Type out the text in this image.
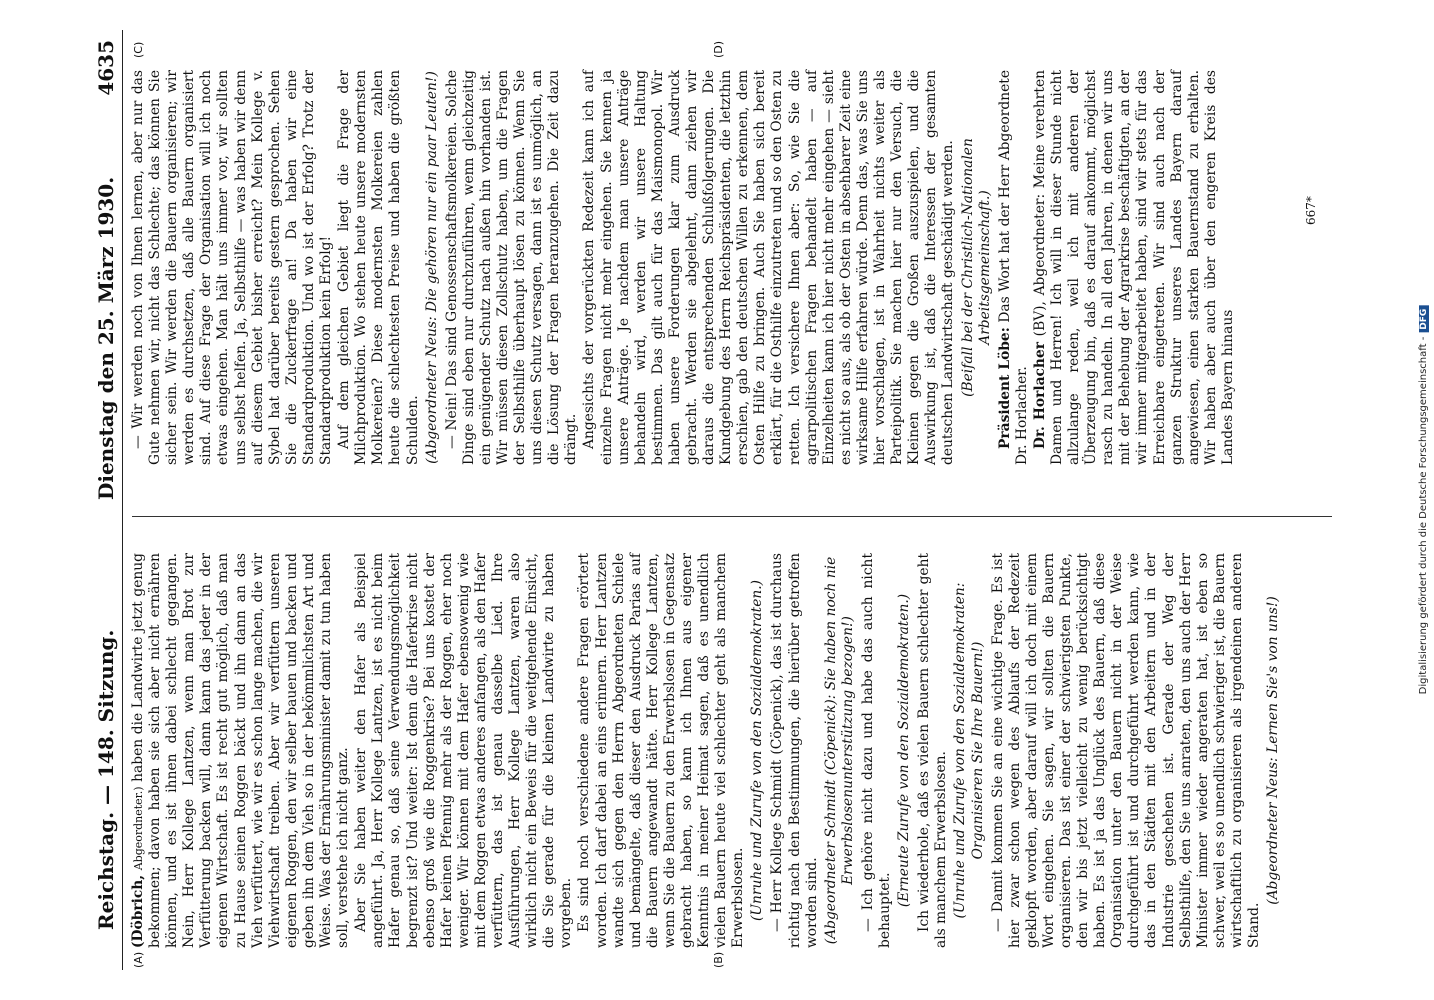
Reichstag. — 148. Sitzung.
Dienstag den 25. März 1930.
4635
(A)	(B)
(C)	(D)

(Döbrich, Abgeordneter.) haben die Landwirte jetzt genug bekommen; davon haben sie sich aber nicht ernähren können, und es ist ihnen dabei schlecht gegangen. Nein, Herr Kollege Lantzen, wenn man Brot zur Verfütterung backen will, dann kann das jeder in der eigenen Wirtschaft. Es ist recht gut möglich, daß man zu Hause seinen Roggen bäckt und ihn dann an das Vieh verfüttert, wie wir es schon lange machen, die wir Viehwirtschaft treiben. Aber wir verfüttern unseren eigenen Roggen, den wir selber bauen und backen und geben ihn dem Vieh so in der bekömmlichsten Art und Weise. Was der Ernährungsminister damit zu tun haben soll, verstehe ich nicht ganz. Aber Sie haben weiter den Hafer als Beispiel angeführt. Ja, Herr Kollege Lantzen, ist es nicht beim Hafer genau so, daß seine Verwendungsmöglichkeit begrenzt ist? Und weiter: Ist denn die Haferkrise nicht ebenso groß wie die Roggenkrise? Bei uns kostet der Hafer keinen Pfennig mehr als der Roggen, eher noch weniger. Wir können mit dem Hafer ebensowenig wie mit dem Roggen etwas anderes anfangen, als den Hafer verfüttern, das ist genau dasselbe Lied. Ihre Ausführungen, Herr Kollege Lantzen, waren also wirklich nicht ein Beweis für die weitgehende Einsicht, die Sie gerade für die kleinen Landwirte zu haben vorgeben. Es sind noch verschiedene andere Fragen erörtert worden. Ich darf dabei an eins erinnern. Herr Lantzen wandte sich gegen den Herrn Abgeordneten Schiele und bemängelte, daß dieser den Ausdruck Parias auf die Bauern angewandt hätte. Herr Kollege Lantzen, wenn Sie die Bauern zu den Erwerbslosen in Gegensatz gebracht haben, so kann ich Ihnen aus eigener Kenntnis in meiner Heimat sagen, daß es unendlich vielen Bauern heute viel schlechter geht als manchem Erwerbslosen. (Unruhe und Zurufe von den Sozialdemokraten.) — Herr Kollege Schmidt (Cöpenick), das ist durchaus richtig nach den Bestimmungen, die hierüber getroffen worden sind. (Abgeordneter Schmidt (Cöpenick): Sie haben noch nie Erwerbslosenunterstützung bezogen!) — Ich gehöre nicht dazu und habe das auch nicht behauptet.

(Erneute Zurufe von den Sozialdemokraten.) Ich wiederhole, daß es vielen Bauern schlechter geht als manchem Erwerbslosen. (Unruhe und Zurufe von den Sozialdemokraten: Organisieren Sie Ihre Bauern!) — Damit kommen Sie an eine wichtige Frage. Es ist hier zwar schon wegen des Ablaufs der Redezeit geklopft worden, aber darauf will ich doch mit einem Wort eingehen. Sie sagen, wir sollten die Bauern organisieren. Das ist einer der schwierigsten Punkte, den wir bis jetzt vielleicht zu wenig berücksichtigt haben. Es ist ja das Unglück des Bauern, daß diese Organisation unter den Bauern nicht in der Weise durchgeführt ist und durchgeführt werden kann, wie das in den Städten mit den Arbeitern und in der Industrie geschehen ist. Gerade der Weg der Selbsthilfe, den Sie uns anraten, den uns auch der Herr Minister immer wieder angeraten hat, ist eben so schwer, weil es so unendlich schwieriger ist, die Bauern wirtschaftlich zu organisieren als irgendeinen anderen Stand.

(Abgeordneter Neus: Lernen Sie's von uns!)

— Wir werden noch von Ihnen lernen, aber nur das Gute nehmen wir, nicht das Schlechte; das können Sie sicher sein. Wir werden die Bauern organisieren; wir werden es durchsetzen, daß alle Bauern organisiert sind. Auf diese Frage der Organisation will ich noch etwas eingehen. Man hält uns immer vor, wir sollten uns selbst helfen. Ja, Selbsthilfe — was haben wir denn auf diesem Gebiet bisher erreicht? Mein Kollege v. Sybel hat darüber bereits gestern gesprochen. Sehen Sie die Zuckerfrage an! Da haben wir eine Standardproduktion. Und wo ist der Erfolg? Trotz der Standardproduktion kein Erfolg! Auf dem gleichen Gebiet liegt die Frage der Milchproduktion. Wo stehen heute unsere modernsten Molkereien? Diese modernsten Molkereien zahlen heute die schlechtesten Preise und haben die größten Schulden. (Abgeordneter Neus: Die gehören nur ein paar Leuten!) — Nein! Das sind Genossenschaftsmolkereien. Solche Dinge sind eben nur durchzuführen, wenn gleichzeitig ein genügender Schutz nach außen hin vorhanden ist. Wir müssen diesen Zollschutz haben, um die Fragen der Selbsthilfe überhaupt lösen zu können. Wenn Sie uns diesen Schutz versagen, dann ist es unmöglich, an die Lösung der Fragen heranzugehen. Die Zeit dazu drängt. Angesichts der vorgerückten Redezeit kann ich auf einzelne Fragen nicht mehr eingehen. Sie kennen ja unsere Anträge. Je nachdem man unsere Anträge behandeln wird, werden wir unsere Haltung bestimmen. Das gilt auch für das Maismonopol. Wir haben unsere Forderungen klar zum Ausdruck gebracht. Werden sie abgelehnt, dann ziehen wir daraus die entsprechenden Schlußfolgerungen. Die Kundgebung des Herrn Reichspräsidenten, die letzthin erschien, gab den deutschen Willen zu erkennen, dem Osten Hilfe zu bringen. Auch Sie haben sich bereit erklärt, für die Osthilfe einzutreten und so den Osten zu retten. Ich versichere Ihnen aber: So, wie Sie die agrarpolitischen Fragen behandelt haben — auf Einzelheiten kann ich hier nicht mehr eingehen — sieht es nicht so aus, als ob der Osten in absehbarer Zeit eine wirksame Hilfe erfahren würde. Denn das, was Sie uns hier vorschlagen, ist in Wahrheit nichts weiter als Parteipolitik. Sie machen hier nur den Versuch, die Kleinen gegen die Großen auszuspielen, und die Auswirkung ist, daß die Interessen der gesamten deutschen Landwirtschaft geschädigt werden. (Beifall bei der Christlich-Nationalen Arbeitsgemeinschaft.)

Präsident Löbe: Das Wort hat der Herr Abgeordnete Dr. Horlacher. Dr. Horlacher (BV), Abgeordneter: Meine verehrten Damen und Herren! Ich will in dieser Stunde nicht allzulange reden, weil ich mit anderen der Überzeugung bin, daß es darauf ankommt, möglichst rasch zu handeln. In all den Jahren, in denen wir uns mit der Behebung der Agrarkrise beschäftigten, an der wir immer mitgearbeitet haben, sind wir stets für das Erreichbare eingetreten. Wir sind auch nach der ganzen Struktur unseres Landes Bayern darauf angewiesen, einen starken Bauernstand zu erhalten. Wir haben aber auch über den engeren Kreis des Landes Bayern hinaus

667*
Digitalisierung gefördert durch die Deutsche Forschungsgemeinschaft -DFG
